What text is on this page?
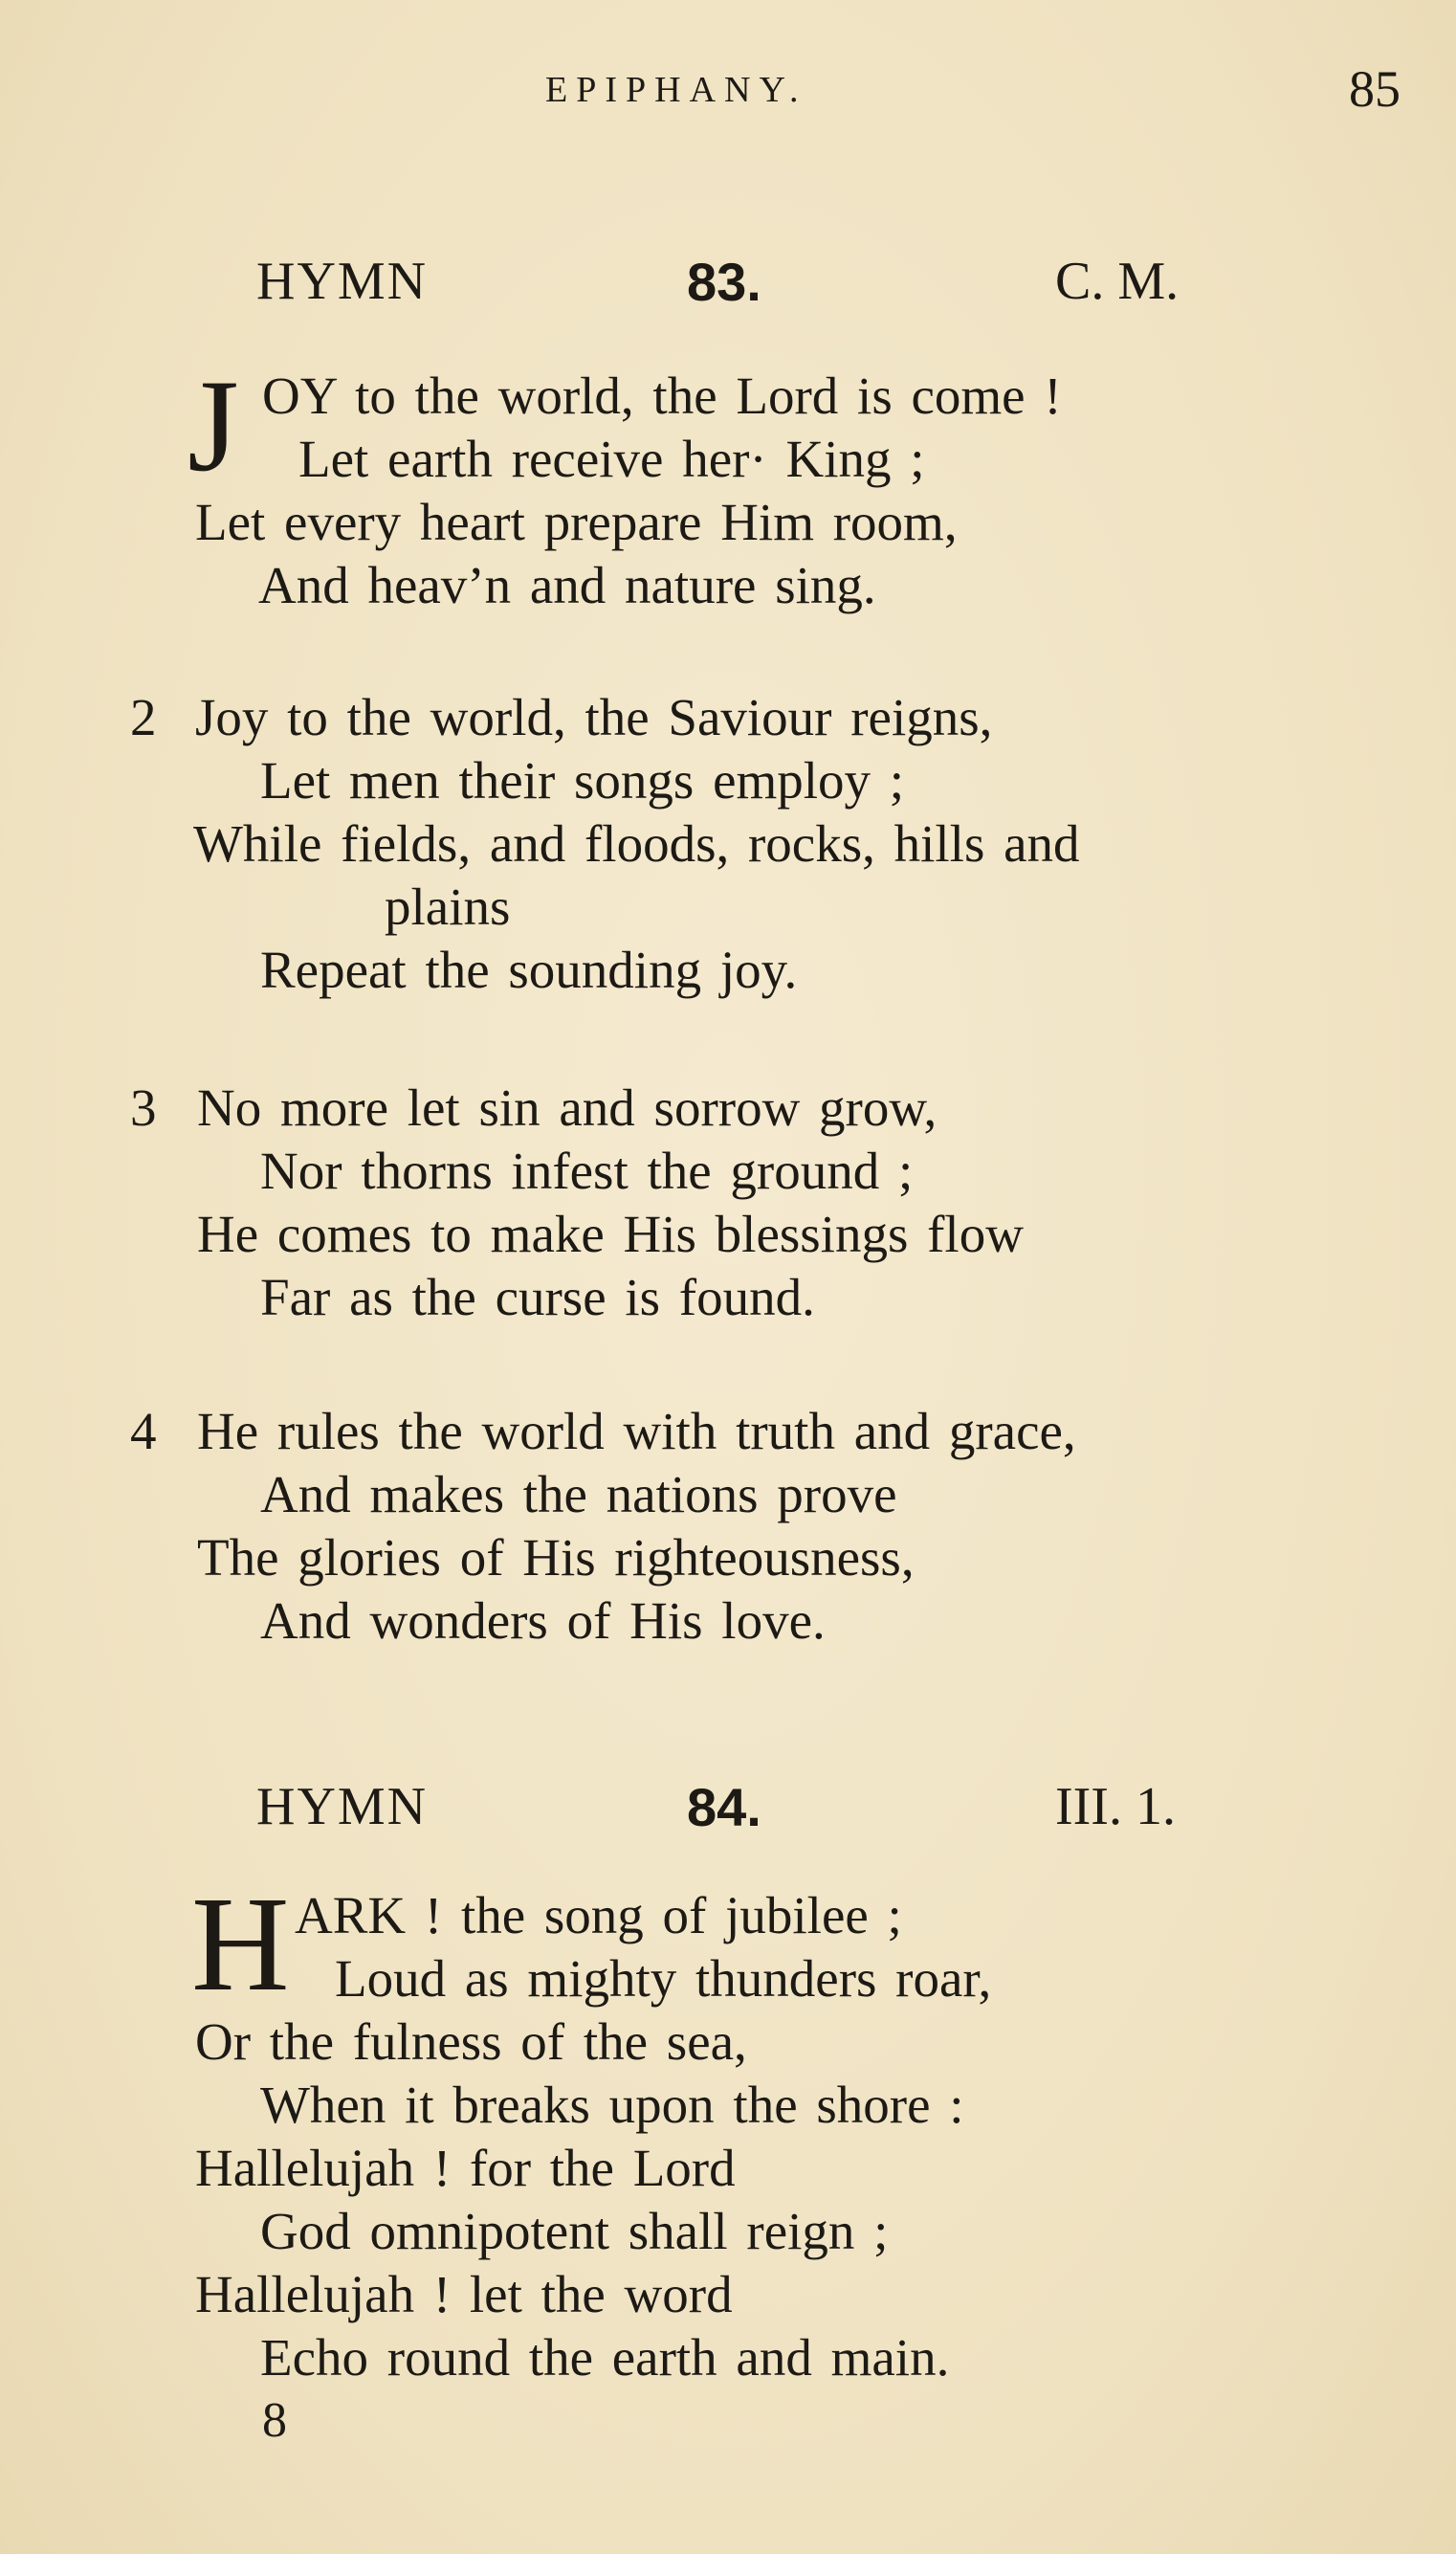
EPIPHANY.	85
HYMN	83.	C. M.
J OY to the world, the Lord is come !
Let earth receive her· King ;
Let every heart prepare Him room,
And heav’n and nature sing.
2 Joy to the world, the Saviour reigns,
Let men their songs employ ;
While fields, and floods, rocks, hills and
plains
Repeat the sounding joy.
3 No more let sin and sorrow grow,
Nor thorns infest the ground ;
He comes to make His blessings flow
Far as the curse is found.
4 He rules the world with truth and grace,
And makes the nations prove
The glories of His righteousness,
And wonders of His love.
HYMN	84.	III. 1.
H ARK ! the song of jubilee ;
Loud as mighty thunders roar,
Or the fulness of the sea,
When it breaks upon the shore :
Hallelujah ! for the Lord
God omnipotent shall reign ;
Hallelujah ! let the word
Echo round the earth and main.
8
